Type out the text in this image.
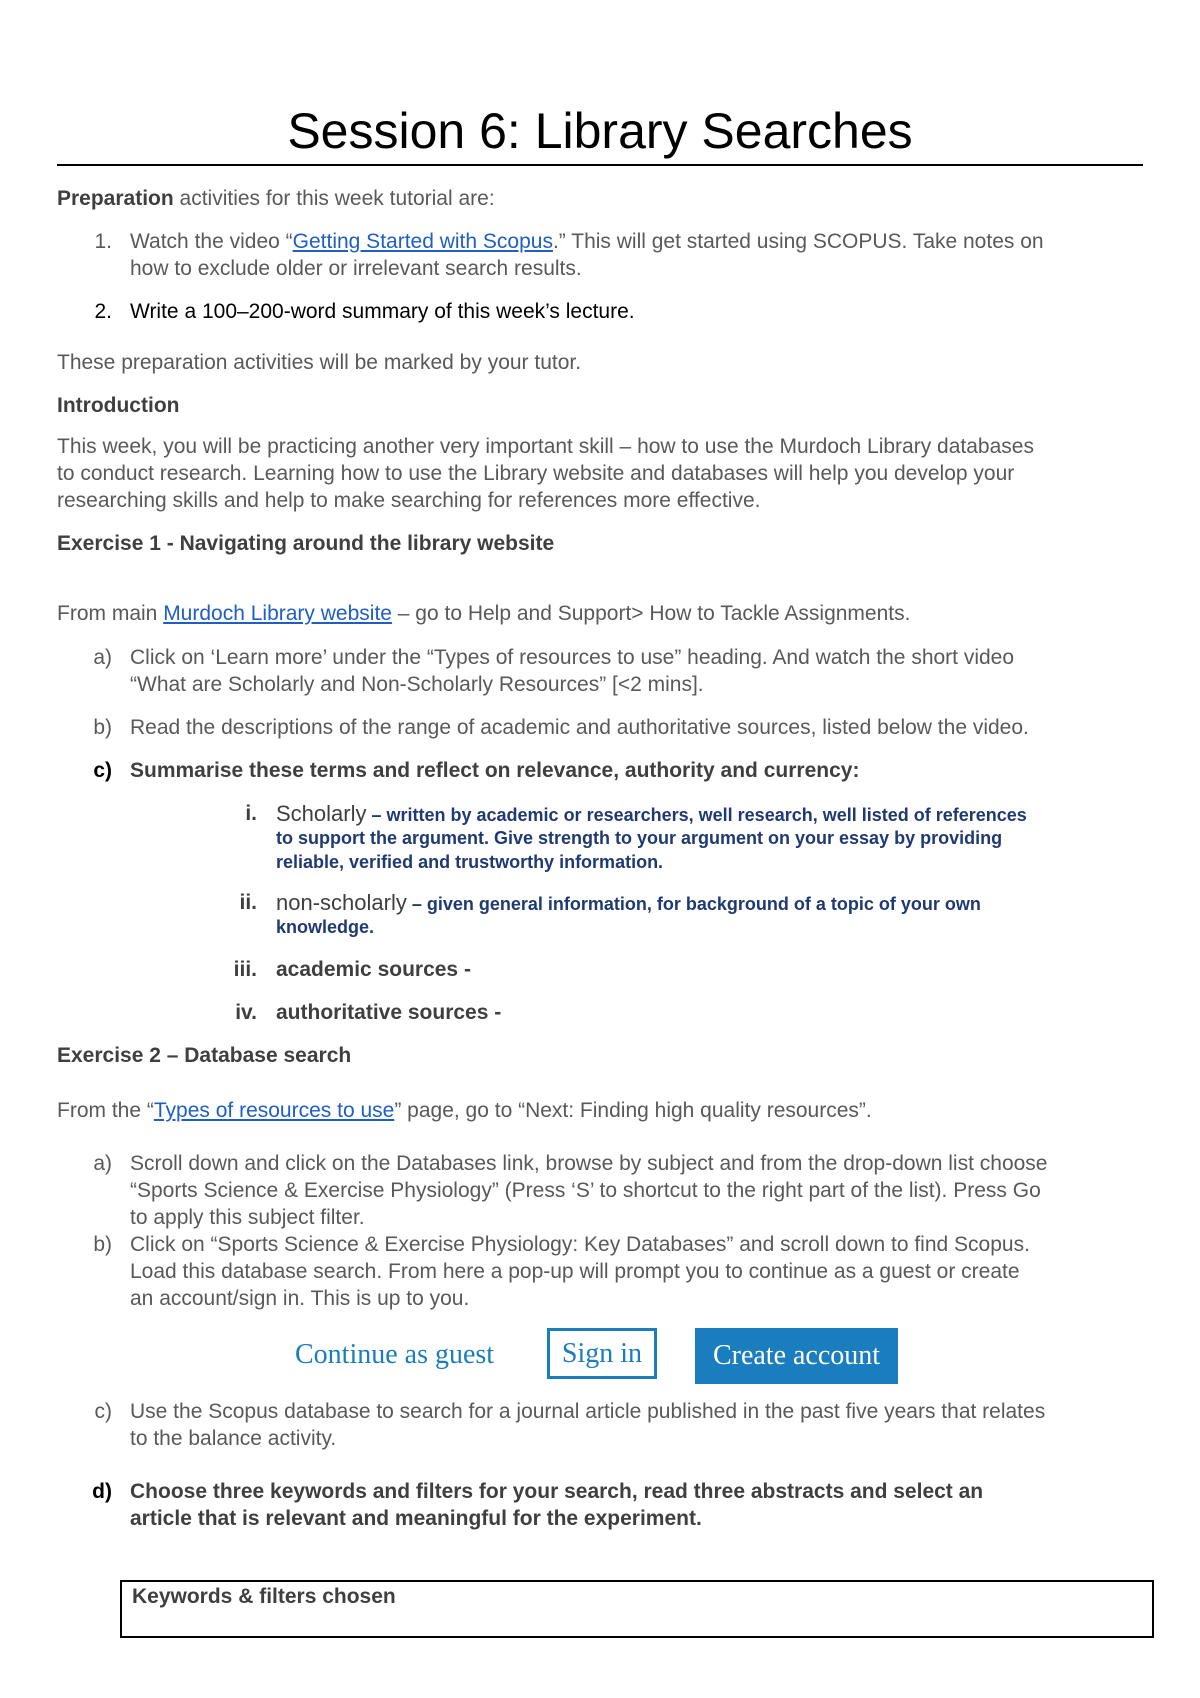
Session 6: Library Searches
Preparation activities for this week tutorial are:
1. Watch the video “Getting Started with Scopus.” This will get started using SCOPUS. Take notes on
how to exclude older or irrelevant search results.
2. Write a 100–200-word summary of this week’s lecture.
These preparation activities will be marked by your tutor.
Introduction
This week, you will be practicing another very important skill – how to use the Murdoch Library databases
to conduct research. Learning how to use the Library website and databases will help you develop your
researching skills and help to make searching for references more effective.
Exercise 1 - Navigating around the library website
From main Murdoch Library website – go to Help and Support> How to Tackle Assignments.
a) Click on ‘Learn more’ under the “Types of resources to use” heading. And watch the short video
“What are Scholarly and Non-Scholarly Resources” [<2 mins].
b) Read the descriptions of the range of academic and authoritative sources, listed below the video.
c) Summarise these terms and reflect on relevance, authority and currency:
i. Scholarly – written by academic or researchers, well research, well listed of references
to support the argument. Give strength to your argument on your essay by providing
reliable, verified and trustworthy information.
ii. non-scholarly – given general information, for background of a topic of your own
knowledge.
iii. academic sources -
iv. authoritative sources -
Exercise 2 – Database search
From the “Types of resources to use” page, go to “Next: Finding high quality resources”.
a) Scroll down and click on the Databases link, browse by subject and from the drop-down list choose
“Sports Science & Exercise Physiology” (Press ‘S’ to shortcut to the right part of the list). Press Go
to apply this subject filter.
b) Click on “Sports Science & Exercise Physiology: Key Databases” and scroll down to find Scopus.
Load this database search. From here a pop-up will prompt you to continue as a guest or create
an account/sign in. This is up to you.
Continue as guest	Sign in	Create account
c) Use the Scopus database to search for a journal article published in the past five years that relates
to the balance activity.
d) Choose three keywords and filters for your search, read three abstracts and select an
article that is relevant and meaningful for the experiment.
Keywords & filters chosen
